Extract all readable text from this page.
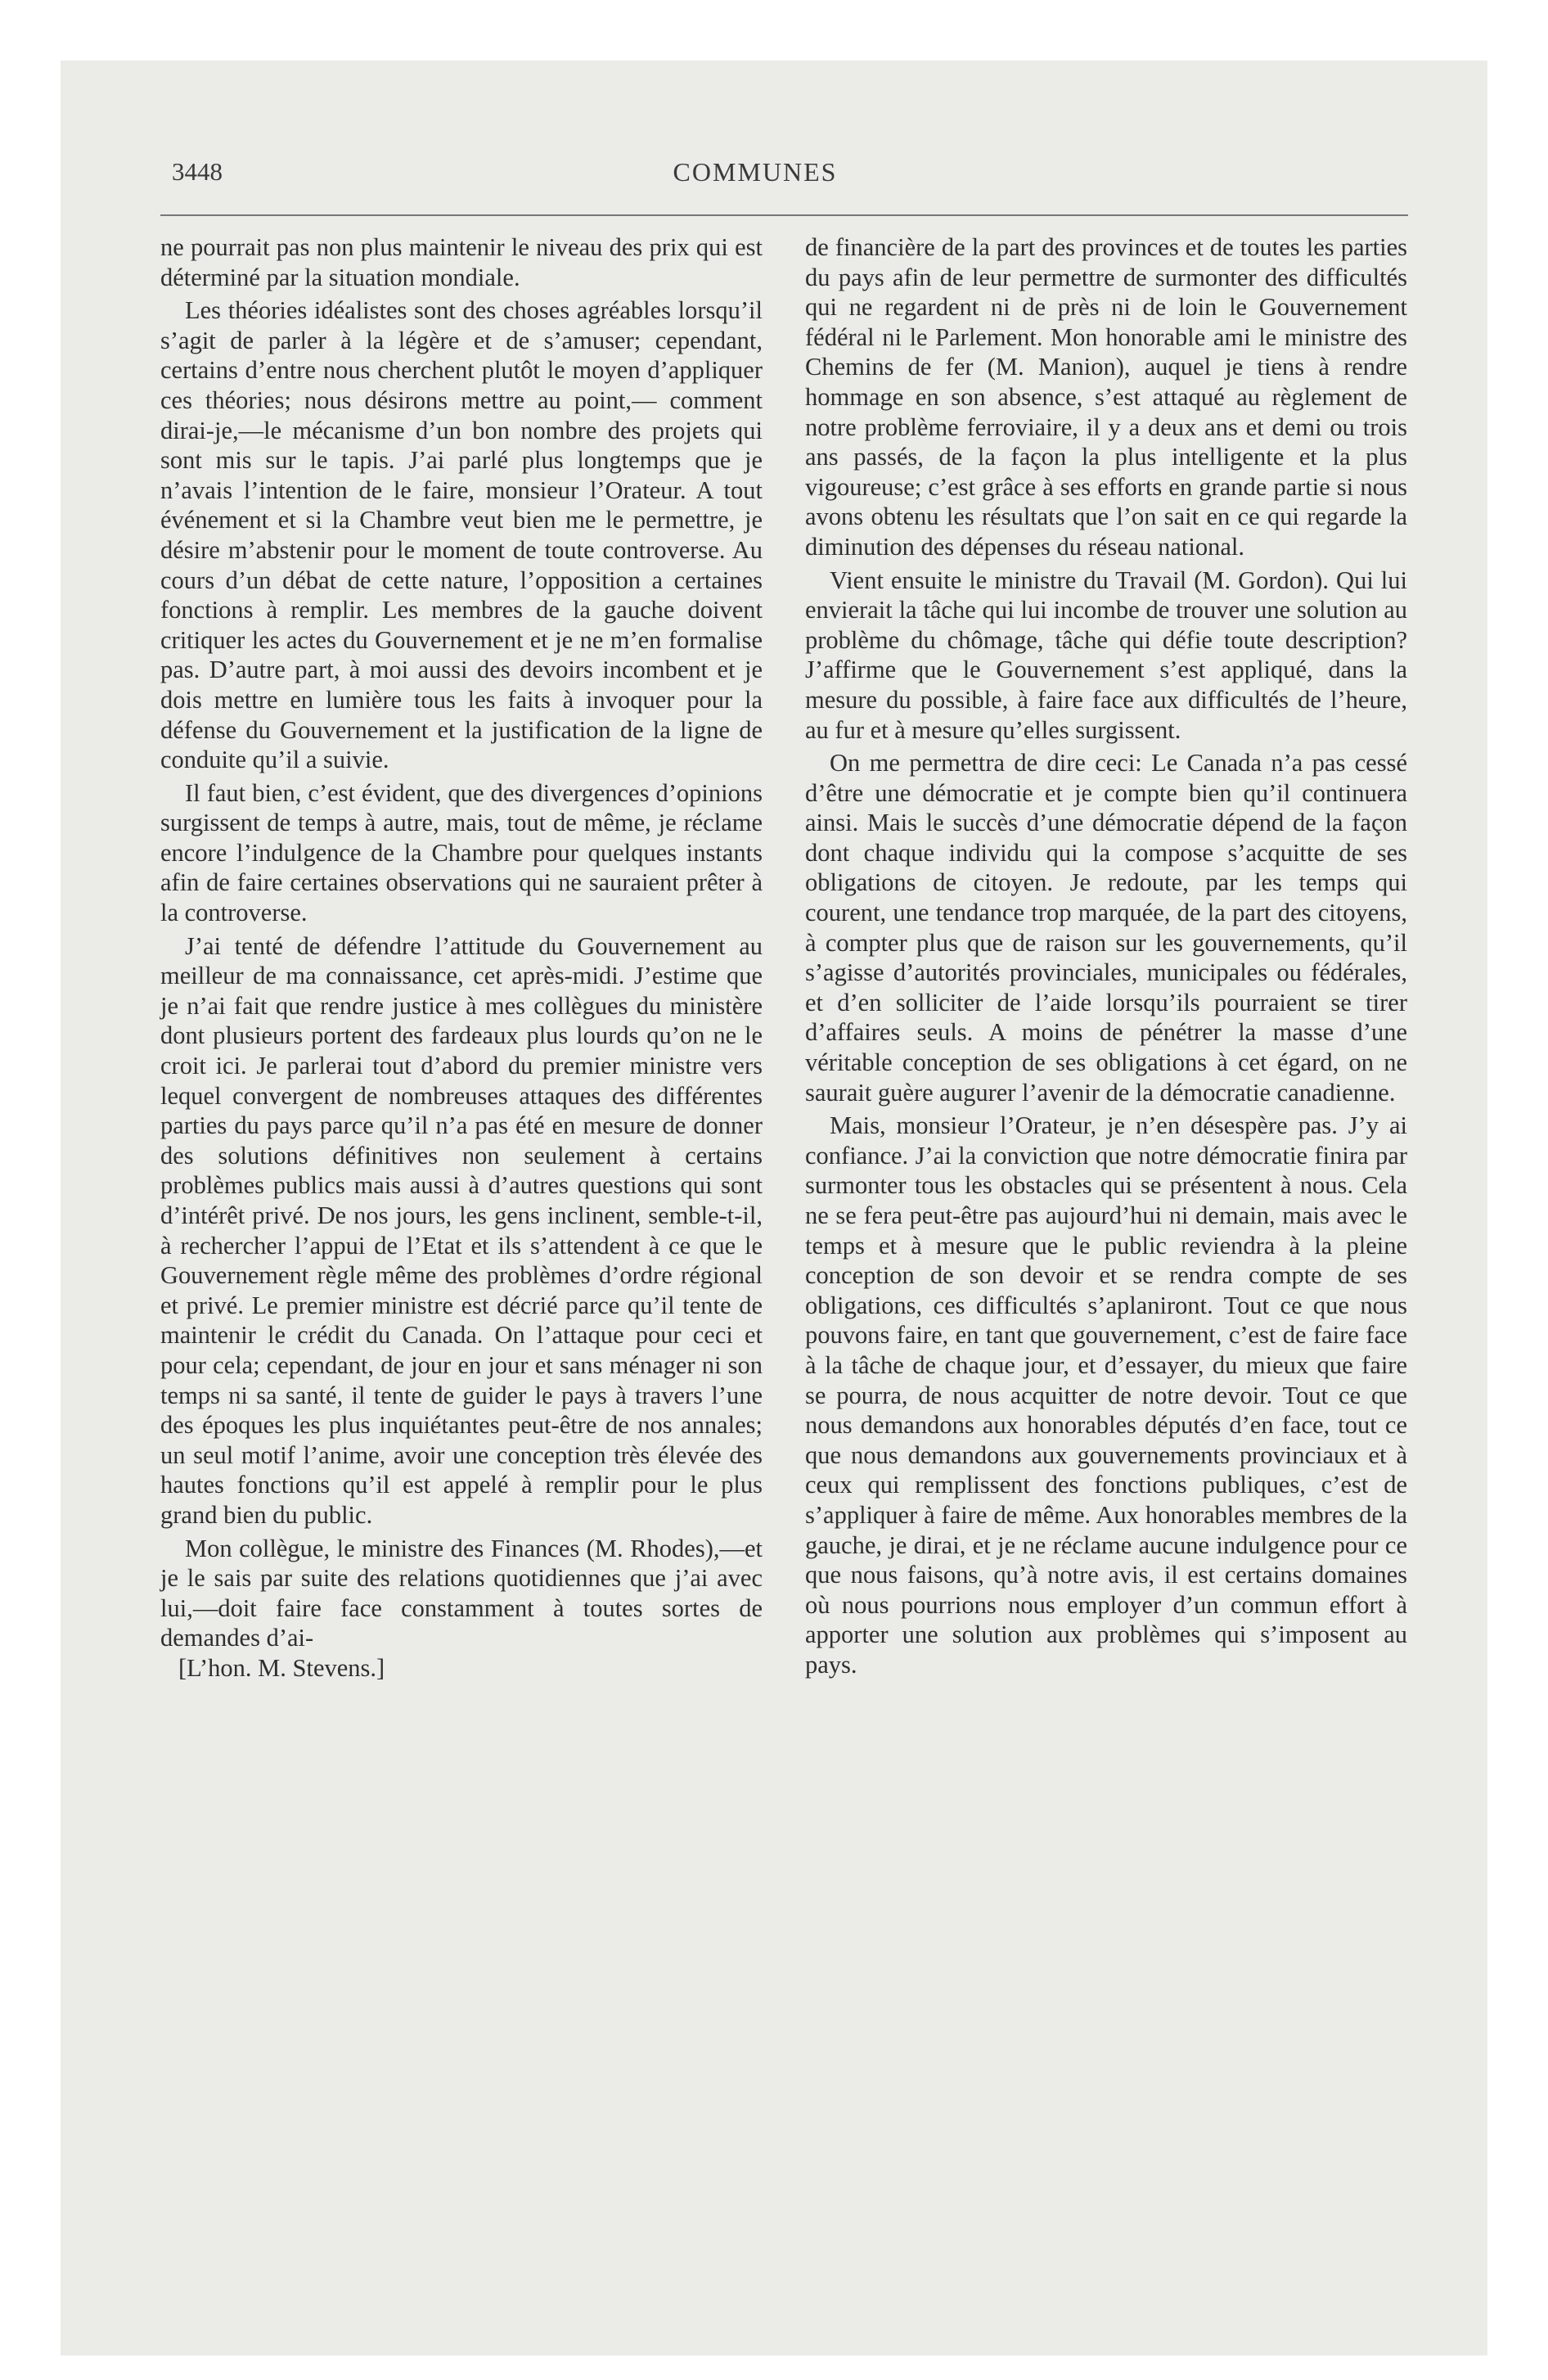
3448	COMMUNES

ne pourrait pas non plus maintenir le niveau des prix qui est déterminé par la situation mondiale.

Les théories idéalistes sont des choses agréables lorsqu’il s’agit de parler à la légère et de s’amuser; cependant, certains d’entre nous cherchent plutôt le moyen d’appliquer ces théories; nous désirons mettre au point,— comment dirai-je,—le mécanisme d’un bon nombre des projets qui sont mis sur le tapis. J’ai parlé plus longtemps que je n’avais l’intention de le faire, monsieur l’Orateur. A tout événement et si la Chambre veut bien me le permettre, je désire m’abstenir pour le moment de toute controverse. Au cours d’un débat de cette nature, l’opposition a certaines fonctions à remplir. Les membres de la gauche doivent critiquer les actes du Gouvernement et je ne m’en formalise pas. D’autre part, à moi aussi des devoirs incombent et je dois mettre en lumière tous les faits à invoquer pour la défense du Gouvernement et la justification de la ligne de conduite qu’il a suivie.

Il faut bien, c’est évident, que des divergences d’opinions surgissent de temps à autre, mais, tout de même, je réclame encore l’indulgence de la Chambre pour quelques instants afin de faire certaines observations qui ne sauraient prêter à la controverse.

J’ai tenté de défendre l’attitude du Gouvernement au meilleur de ma connaissance, cet après-midi. J’estime que je n’ai fait que rendre justice à mes collègues du ministère dont plusieurs portent des fardeaux plus lourds qu’on ne le croit ici. Je parlerai tout d’abord du premier ministre vers lequel convergent de nombreuses attaques des différentes parties du pays parce qu’il n’a pas été en mesure de donner des solutions définitives non seulement à certains problèmes publics mais aussi à d’autres questions qui sont d’intérêt privé. De nos jours, les gens inclinent, semble-t-il, à rechercher l’appui de l’Etat et ils s’attendent à ce que le Gouvernement règle même des problèmes d’ordre régional et privé. Le premier ministre est décrié parce qu’il tente de maintenir le crédit du Canada. On l’attaque pour ceci et pour cela; cependant, de jour en jour et sans ménager ni son temps ni sa santé, il tente de guider le pays à travers l’une des époques les plus inquiétantes peut-être de nos annales; un seul motif l’anime, avoir une conception très élevée des hautes fonctions qu’il est appelé à remplir pour le plus grand bien du public.

Mon collègue, le ministre des Finances (M. Rhodes),—et je le sais par suite des relations quotidiennes que j’ai avec lui,—doit faire face constamment à toutes sortes de demandes d’ai-

[L’hon. M. Stevens.]

de financière de la part des provinces et de toutes les parties du pays afin de leur permettre de surmonter des difficultés qui ne regardent ni de près ni de loin le Gouvernement fédéral ni le Parlement. Mon honorable ami le ministre des Chemins de fer (M. Manion), auquel je tiens à rendre hommage en son absence, s’est attaqué au règlement de notre problème ferroviaire, il y a deux ans et demi ou trois ans passés, de la façon la plus intelligente et la plus vigoureuse; c’est grâce à ses efforts en grande partie si nous avons obtenu les résultats que l’on sait en ce qui regarde la diminution des dépenses du réseau national.

Vient ensuite le ministre du Travail (M. Gordon). Qui lui envierait la tâche qui lui incombe de trouver une solution au problème du chômage, tâche qui défie toute description? J’affirme que le Gouvernement s’est appliqué, dans la mesure du possible, à faire face aux difficultés de l’heure, au fur et à mesure qu’elles surgissent.

On me permettra de dire ceci: Le Canada n’a pas cessé d’être une démocratie et je compte bien qu’il continuera ainsi. Mais le succès d’une démocratie dépend de la façon dont chaque individu qui la compose s’acquitte de ses obligations de citoyen. Je redoute, par les temps qui courent, une tendance trop marquée, de la part des citoyens, à compter plus que de raison sur les gouvernements, qu’il s’agisse d’autorités provinciales, municipales ou fédérales, et d’en solliciter de l’aide lorsqu’ils pourraient se tirer d’affaires seuls. A moins de pénétrer la masse d’une véritable conception de ses obligations à cet égard, on ne saurait guère augurer l’avenir de la démocratie canadienne.

Mais, monsieur l’Orateur, je n’en désespère pas. J’y ai confiance. J’ai la conviction que notre démocratie finira par surmonter tous les obstacles qui se présentent à nous. Cela ne se fera peut-être pas aujourd’hui ni demain, mais avec le temps et à mesure que le public reviendra à la pleine conception de son devoir et se rendra compte de ses obligations, ces difficultés s’aplaniront. Tout ce que nous pouvons faire, en tant que gouvernement, c’est de faire face à la tâche de chaque jour, et d’essayer, du mieux que faire se pourra, de nous acquitter de notre devoir. Tout ce que nous demandons aux honorables députés d’en face, tout ce que nous demandons aux gouvernements provinciaux et à ceux qui remplissent des fonctions publiques, c’est de s’appliquer à faire de même. Aux honorables membres de la gauche, je dirai, et je ne réclame aucune indulgence pour ce que nous faisons, qu’à notre avis, il est certains domaines où nous pourrions nous employer d’un commun effort à apporter une solution aux problèmes qui s’imposent au pays.
